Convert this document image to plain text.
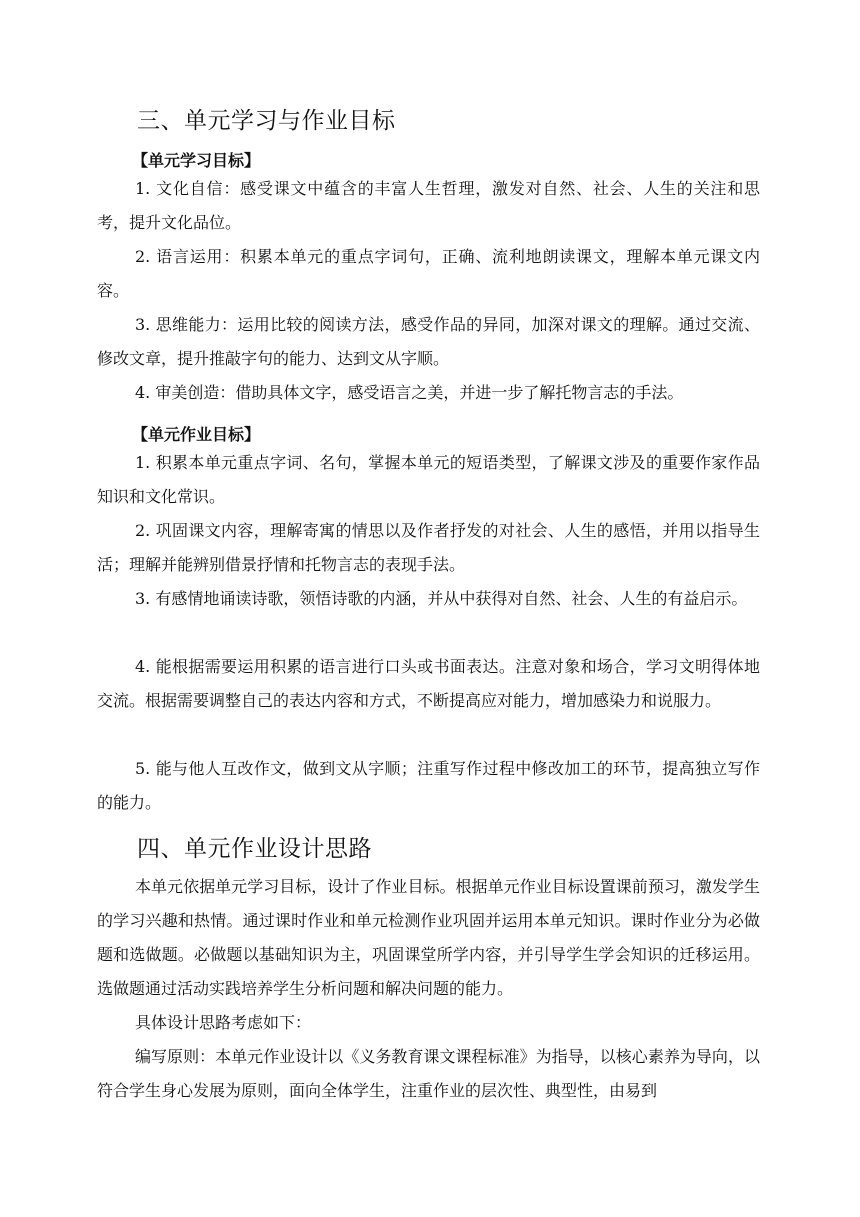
三、单元学习与作业目标
【单元学习目标】

1. 文化自信：感受课文中蕴含的丰富人生哲理，激发对自然、社会、人生的关注和思考，提升文化品位。

2. 语言运用：积累本单元的重点字词句，正确、流利地朗读课文，理解本单元课文内容。

3. 思维能力：运用比较的阅读方法，感受作品的异同，加深对课文的理解。通过交流、修改文章，提升推敲字句的能力、达到文从字顺。

4. 审美创造：借助具体文字，感受语言之美，并进一步了解托物言志的手法。

【单元作业目标】

1. 积累本单元重点字词、名句，掌握本单元的短语类型，了解课文涉及的重要作家作品知识和文化常识。

2. 巩固课文内容，理解寄寓的情思以及作者抒发的对社会、人生的感悟，并用以指导生活；理解并能辨别借景抒情和托物言志的表现手法。

3. 有感情地诵读诗歌，领悟诗歌的内涵，并从中获得对自然、社会、人生的有益启示。

4. 能根据需要运用积累的语言进行口头或书面表达。注意对象和场合，学习文明得体地交流。根据需要调整自己的表达内容和方式，不断提高应对能力，增加感染力和说服力。

5. 能与他人互改作文，做到文从字顺；注重写作过程中修改加工的环节，提高独立写作的能力。

四、单元作业设计思路

本单元依据单元学习目标，设计了作业目标。根据单元作业目标设置课前预习，激发学生的学习兴趣和热情。通过课时作业和单元检测作业巩固并运用本单元知识。课时作业分为必做题和选做题。必做题以基础知识为主，巩固课堂所学内容，并引导学生学会知识的迁移运用。选做题通过活动实践培养学生分析问题和解决问题的能力。

具体设计思路考虑如下：

编写原则：本单元作业设计以《义务教育课文课程标准》为指导，以核心素养为导向，以符合学生身心发展为原则，面向全体学生，注重作业的层次性、典型性，由易到
